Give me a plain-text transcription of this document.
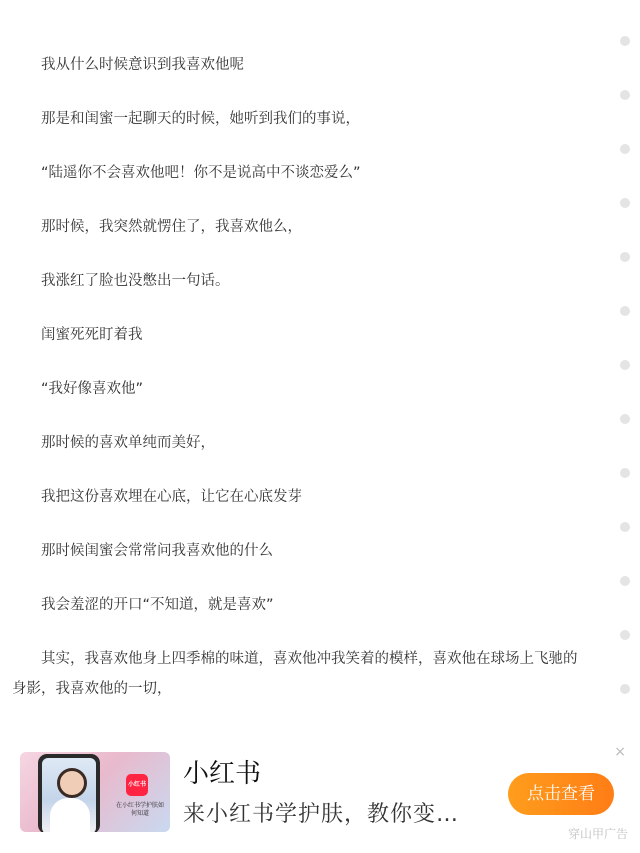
我从什么时候意识到我喜欢他呢

那是和闺蜜一起聊天的时候，她听到我们的事说，

“陆遥你不会喜欢他吧！你不是说高中不谈恋爱么”

那时候，我突然就愣住了，我喜欢他么，

我涨红了脸也没憋出一句话。

闺蜜死死盯着我

“我好像喜欢他”

那时候的喜欢单纯而美好，

我把这份喜欢埋在心底，让它在心底发芽

那时候闺蜜会常常问我喜欢他的什么

我会羞涩的开口“不知道，就是喜欢”

其实，我喜欢他身上四季棉的味道，喜欢他冲我笑着的模样，喜欢他在球场上飞驰的身影，我喜欢他的一切，

×
小红书
在小红书学护肤如何知道
小红书
来小红书学护肤，教你变…
点击查看
穿山甲广告
